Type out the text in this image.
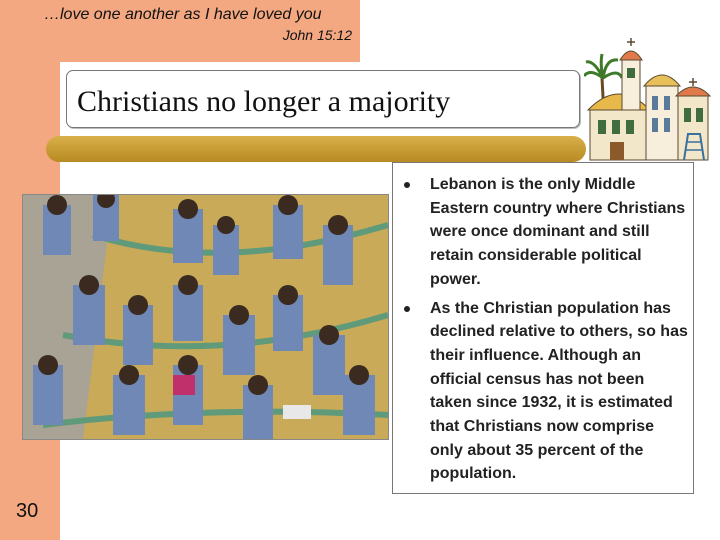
…love one another as I have loved you
John 15:12
Christians no longer a majority
Lebanon is the only Middle Eastern country where Christians were once dominant and still retain considerable political power.
As the Christian population has declined relative to others, so has their influence. Although an official census has not been taken since 1932, it is estimated that Christians now comprise only about 35 percent of the population.
30
